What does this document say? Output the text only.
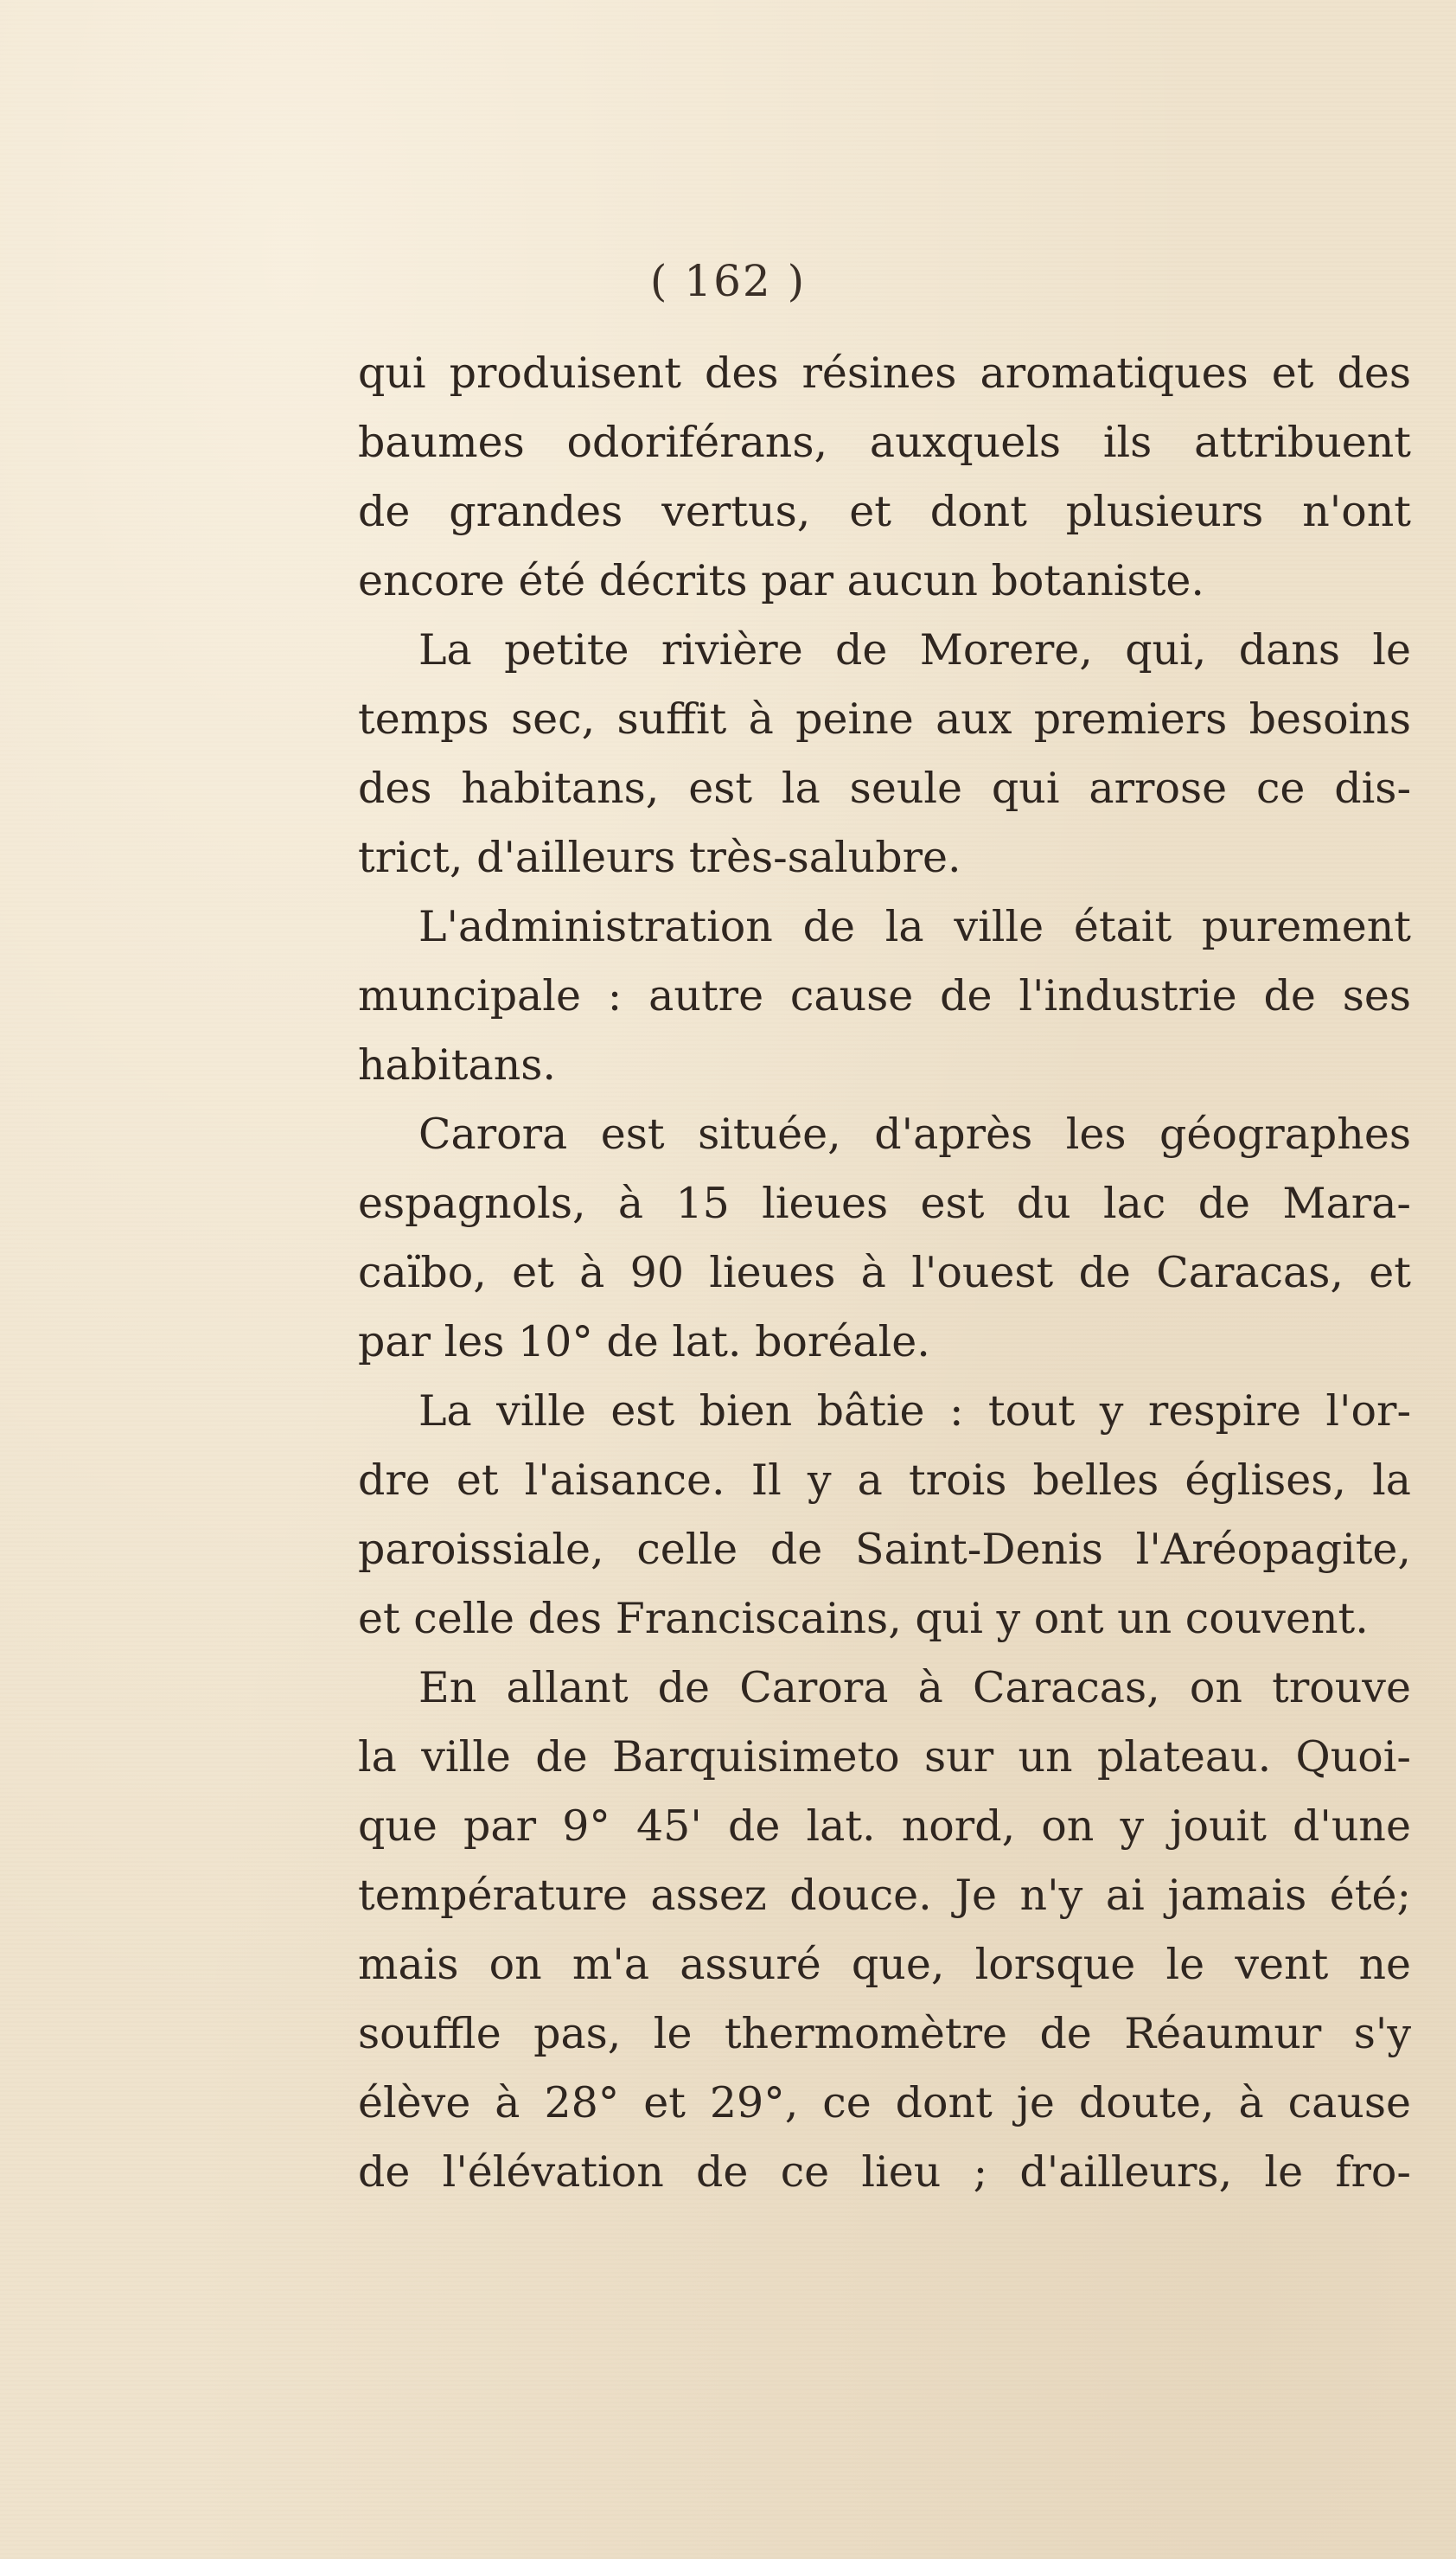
( 162 )
qui produisent des résines aromatiques et des
baumes odoriférans, auxquels ils attribuent
de grandes vertus, et dont plusieurs n'ont
encore été décrits par aucun botaniste.
La petite rivière de Morere, qui, dans le
temps sec, suffit à peine aux premiers besoins
des habitans, est la seule qui arrose ce dis-
trict, d'ailleurs très-salubre.
L'administration de la ville était purement
muncipale : autre cause de l'industrie de ses
habitans.
Carora est située, d'après les géographes
espagnols, à 15 lieues est du lac de Mara-
caïbo, et à 90 lieues à l'ouest de Caracas, et
par les 10° de lat. boréale.
La ville est bien bâtie : tout y respire l'or-
dre et l'aisance. Il y a trois belles églises, la
paroissiale, celle de Saint-Denis l'Aréopagite,
et celle des Franciscains, qui y ont un couvent.
En allant de Carora à Caracas, on trouve
la ville de Barquisimeto sur un plateau. Quoi-
que par 9° 45' de lat. nord, on y jouit d'une
température assez douce. Je n'y ai jamais été;
mais on m'a assuré que, lorsque le vent ne
souffle pas, le thermomètre de Réaumur s'y
élève à 28° et 29°, ce dont je doute, à cause
de l'élévation de ce lieu ; d'ailleurs, le fro-
